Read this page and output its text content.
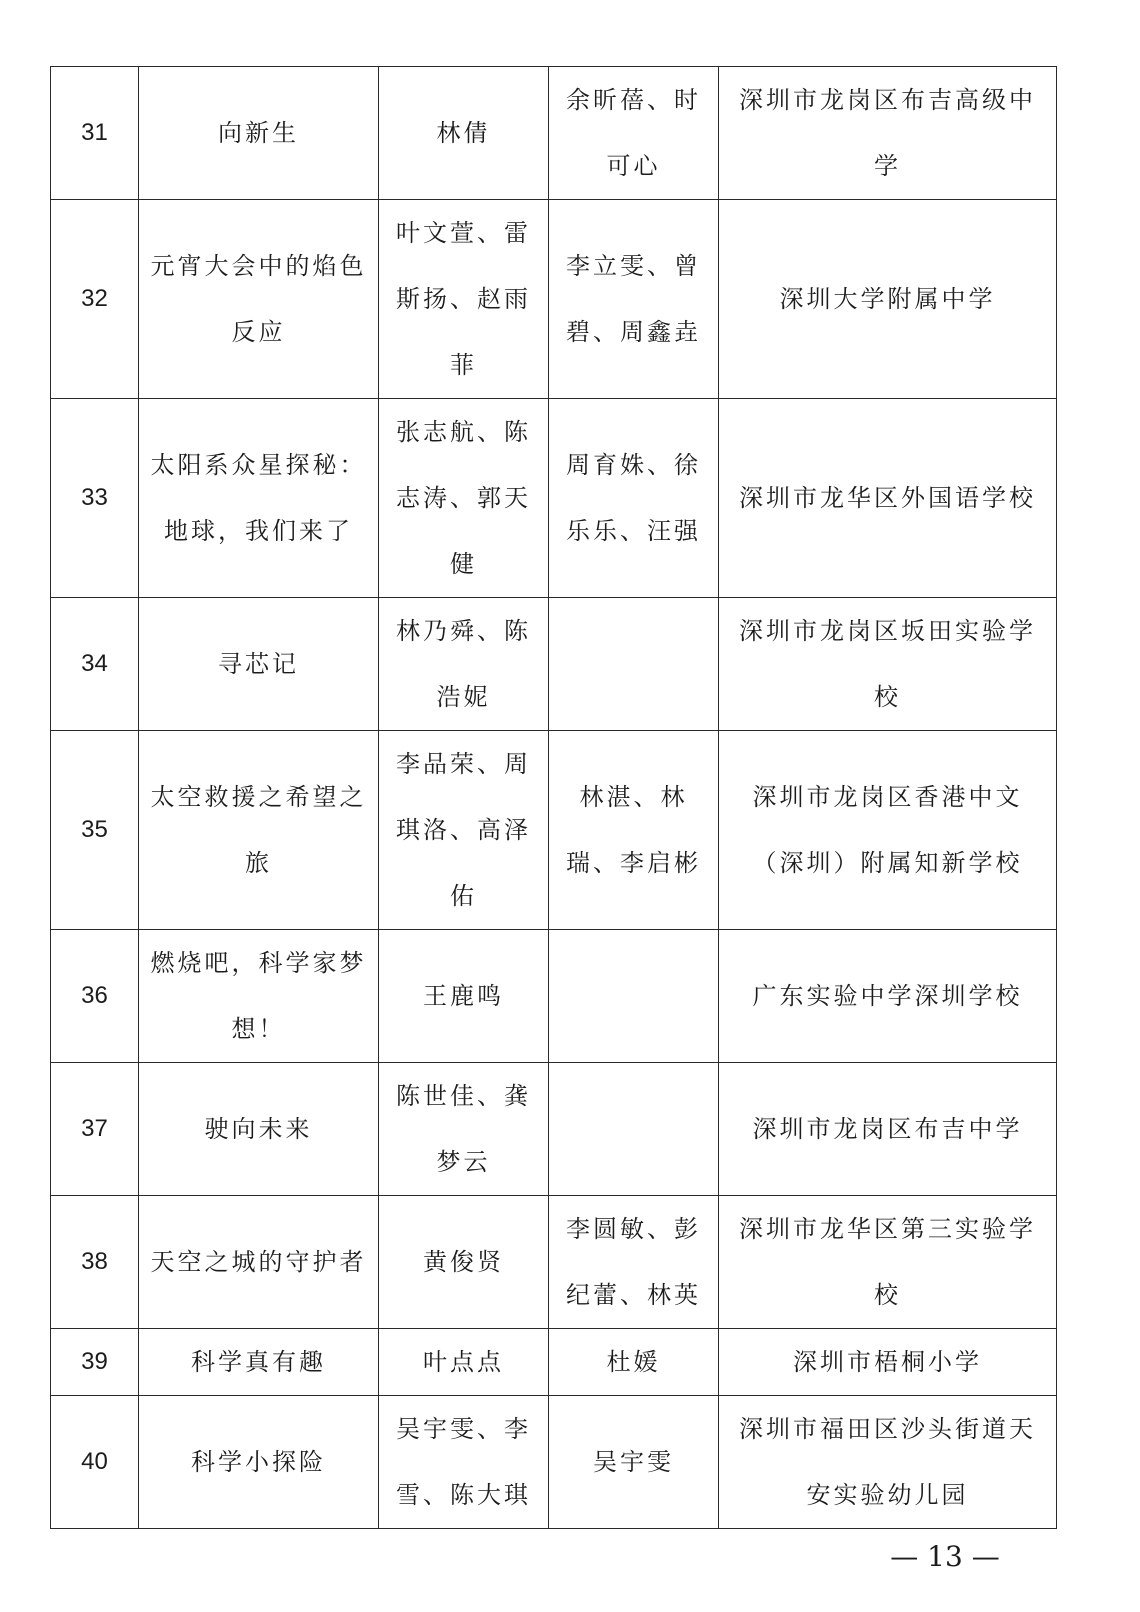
31	向新生	林倩	余昕蓓、时可心	深圳市龙岗区布吉高级中学
32	元宵大会中的焰色反应	叶文萱、雷斯扬、赵雨菲	李立雯、曾碧、周鑫垚	深圳大学附属中学
33	太阳系众星探秘：地球，我们来了	张志航、陈志涛、郭天健	周育姝、徐乐乐、汪强	深圳市龙华区外国语学校
34	寻芯记	林乃舜、陈浩妮		深圳市龙岗区坂田实验学校
35	太空救援之希望之旅	李品荣、周琪洛、高泽佑	林湛、林瑞、李启彬	深圳市龙岗区香港中文（深圳）附属知新学校
36	燃烧吧，科学家梦想！	王鹿鸣		广东实验中学深圳学校
37	驶向未来	陈世佳、龚梦云		深圳市龙岗区布吉中学
38	天空之城的守护者	黄俊贤	李圆敏、彭纪蕾、林英	深圳市龙华区第三实验学校
39	科学真有趣	叶点点	杜媛	深圳市梧桐小学
40	科学小探险	吴宇雯、李雪、陈大琪	吴宇雯	深圳市福田区沙头街道天安实验幼儿园
— 13 —
